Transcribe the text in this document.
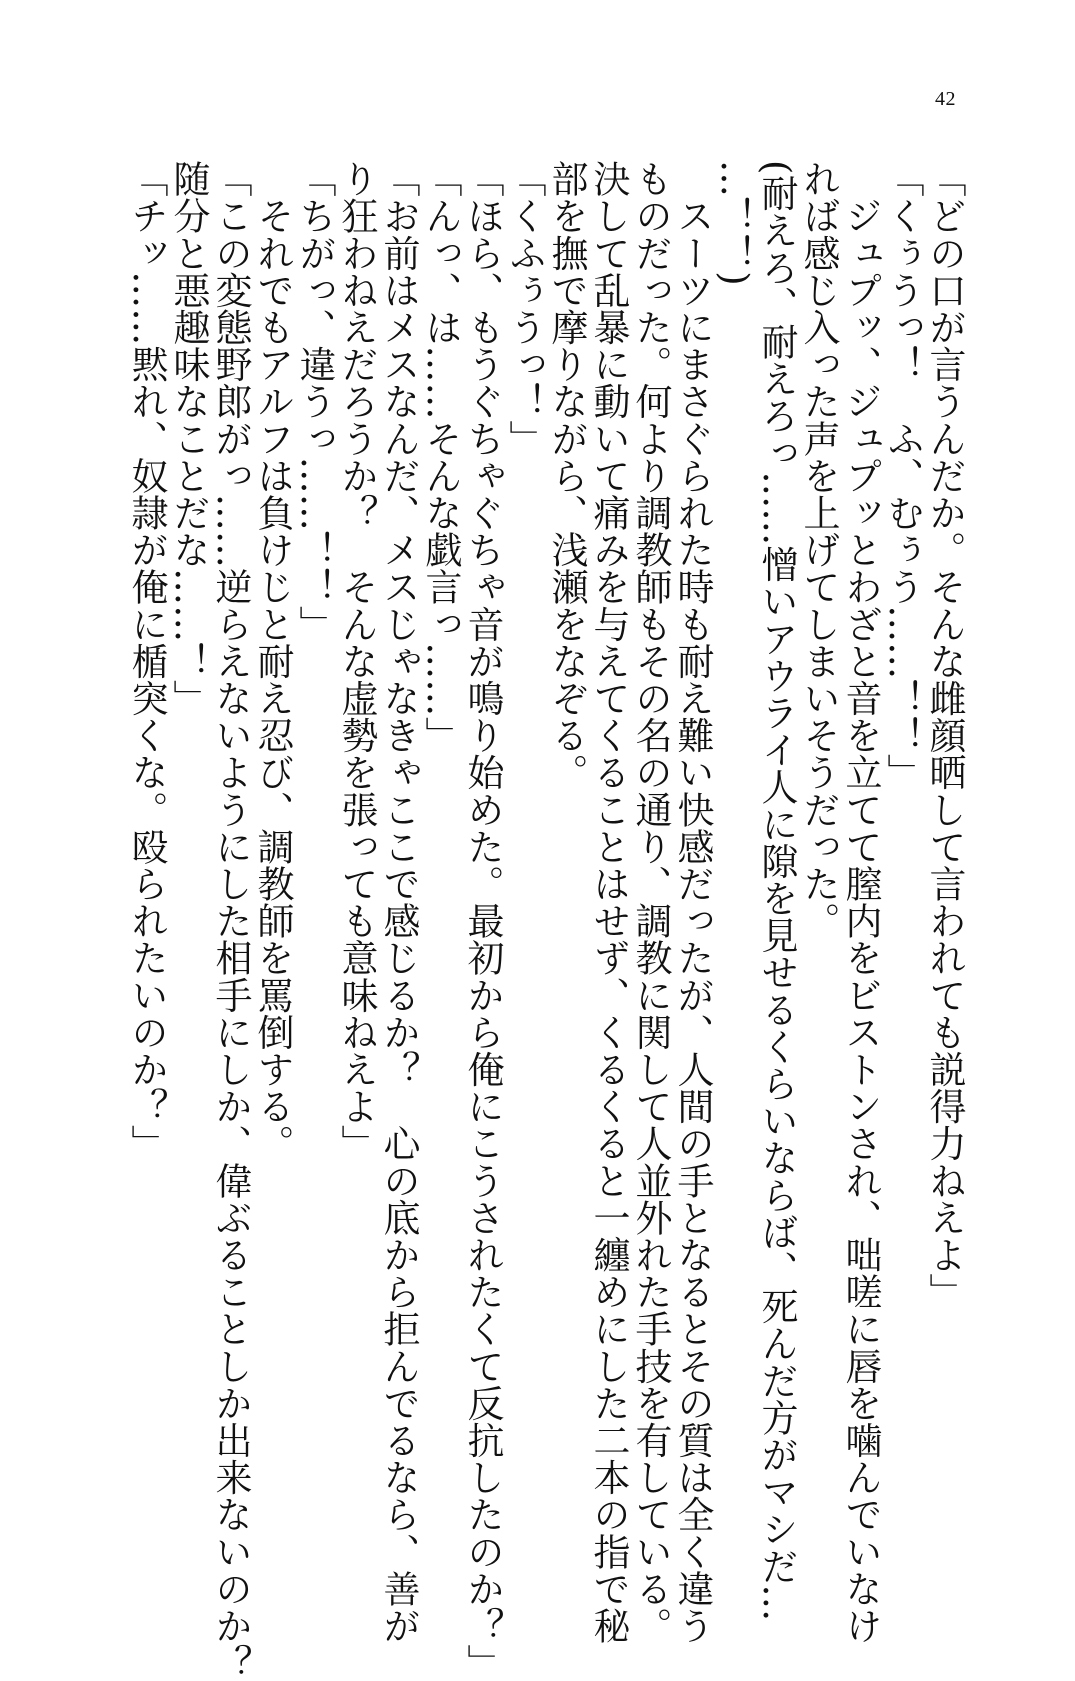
42
「どの口が言うんだか。そんな雌顔晒して言われても説得力ねえよ」
「くぅうっ！　ふ、むぅう……！！」
　ジュプッ、ジュプッとわざと音を立てて膣内をビストンされ、咄嗟に唇を噛んでいなけ
れば感じ入った声を上げてしまいそうだった。
(耐えろ、耐えろっ……憎いアウライ人に隙を見せるくらいならば、死んだ方がマシだ…
…！！)
　スーツにまさぐられた時も耐え難い快感だったが、人間の手となるとその質は全く違う
ものだった。何より調教師もその名の通り、調教に関して人並外れた手技を有している。
決して乱暴に動いて痛みを与えてくることはせず、くるくると一纏めにした二本の指で秘
部を撫で摩りながら、浅瀬をなぞる。
「くふぅうっ！」
「ほら、もうぐちゃぐちゃ音が鳴り始めた。最初から俺にこうされたくて反抗したのか？」
「んっ、は……そんな戯言っ……」
「お前はメスなんだ、メスじゃなきゃここで感じるか？　心の底から拒んでるなら、善が
り狂わねえだろうか？　そんな虚勢を張っても意味ねえよ」
「ちがっ、違うっ……！！」
　それでもアルフは負けじと耐え忍び、調教師を罵倒する。
「この変態野郎がっ……逆らえないようにした相手にしか、偉ぶることしか出来ないのか？
随分と悪趣味なことだな……！」
「チッ……黙れ、奴隷が俺に楯突くな。殴られたいのか？」
